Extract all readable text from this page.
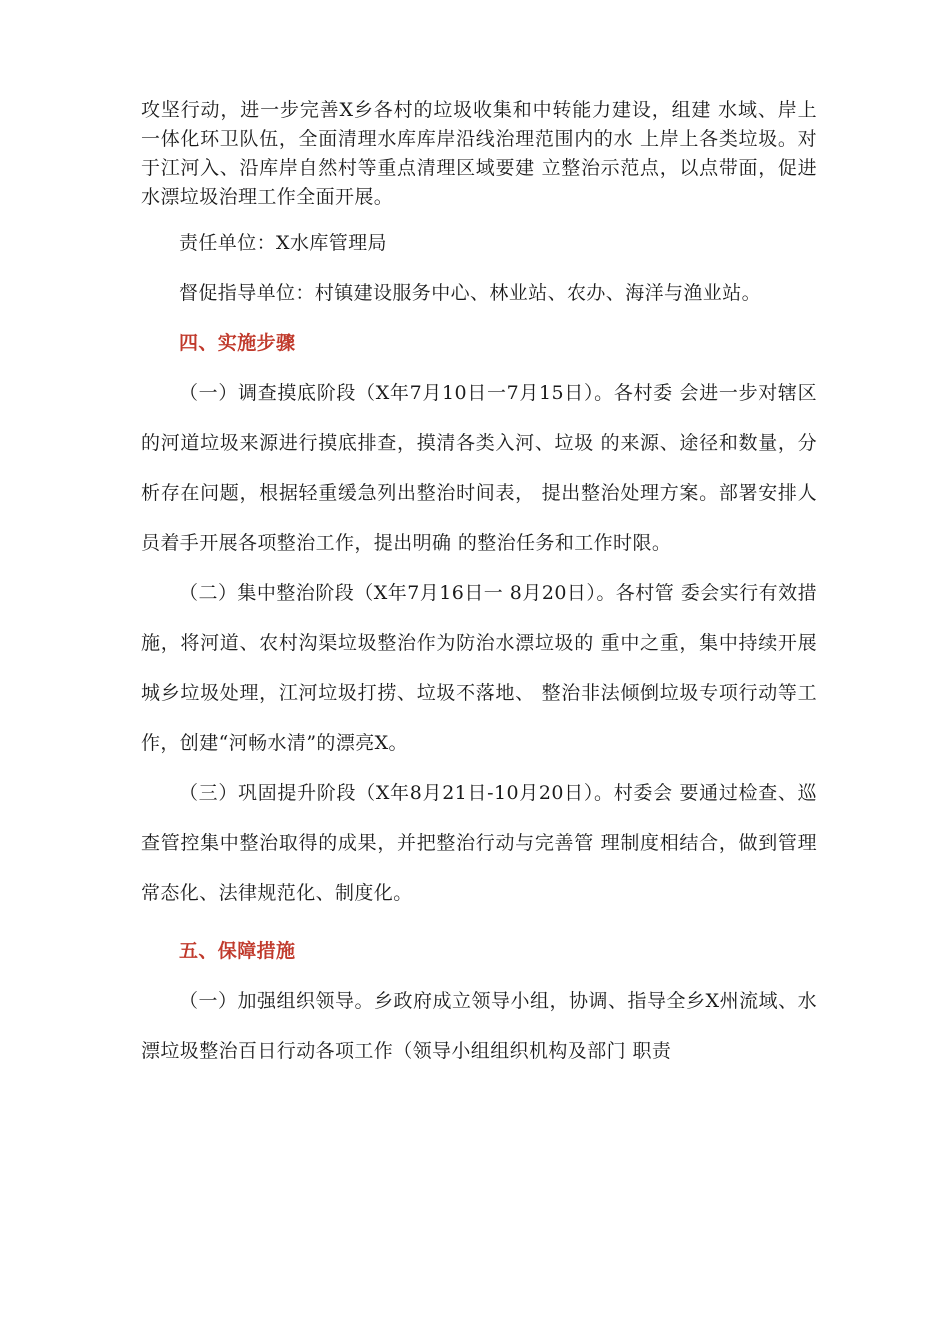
攻坚行动，进一步完善X乡各村的垃圾收集和中转能力建设，组建 水域、岸上一体化环卫队伍，全面清理水库库岸沿线治理范围内的水 上岸上各类垃圾。对于江河入、沿库岸自然村等重点清理区域要建 立整治示范点，以点带面，促进水漂垃圾治理工作全面开展。

责任单位：X水库管理局

督促指导单位：村镇建设服务中心、林业站、农办、海洋与渔业站。

四、实施步骤

（一）调查摸底阶段（X年7月10日一7月15日）。各村委 会进一步对辖区的河道垃圾来源进行摸底排查，摸清各类入河、垃圾 的来源、途径和数量，分析存在问题，根据轻重缓急列出整治时间表， 提出整治处理方案。部署安排人员着手开展各项整治工作，提出明确 的整治任务和工作时限。

（二）集中整治阶段（X年7月16日一 8月20日）。各村管 委会实行有效措施，将河道、农村沟渠垃圾整治作为防治水漂垃圾的 重中之重，集中持续开展城乡垃圾处理，江河垃圾打捞、垃圾不落地、 整治非法倾倒垃圾专项行动等工作，创建“河畅水清”的漂亮X。

（三）巩固提升阶段（X年8月21日-10月20日）。村委会 要通过检查、巡查管控集中整治取得的成果，并把整治行动与完善管 理制度相结合，做到管理常态化、法律规范化、制度化。

五、保障措施

（一）加强组织领导。乡政府成立领导小组，协调、指导全乡X州流域、水漂垃圾整治百日行动各项工作（领导小组组织机构及部门 职责
